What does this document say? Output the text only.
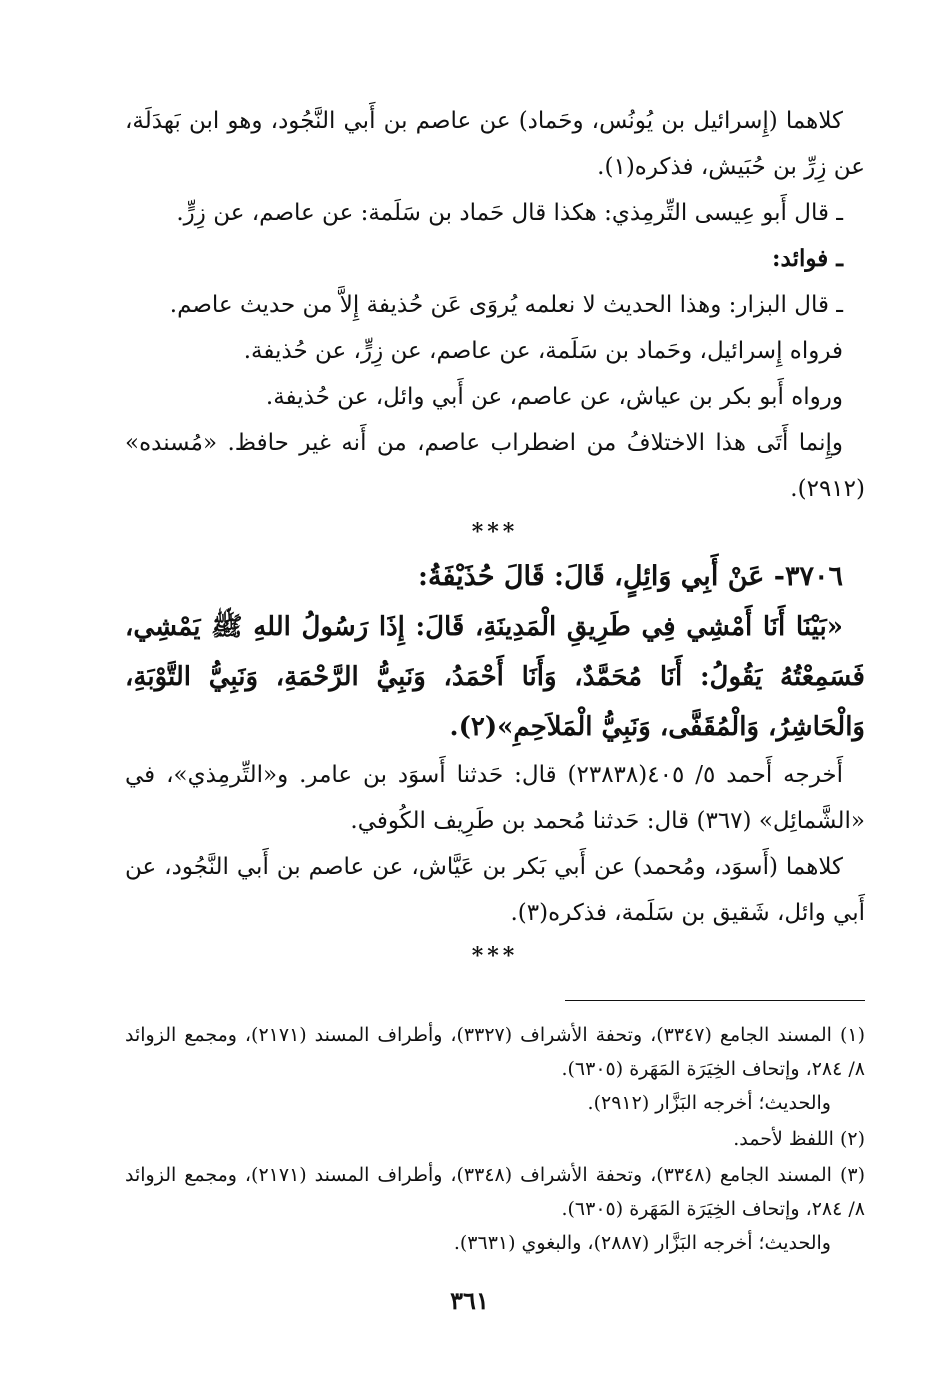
كلاهما (إِسرائيل بن يُونُس، وحَماد) عن عاصم بن أَبي النَّجُود، وهو ابن بَهدَلَة، عن زِرِّ بن حُبَيش، فذكره(١).

ـ قال أَبو عِيسى التِّرمِذي: هكذا قال حَماد بن سَلَمة: عن عاصم، عن زِرٍّ.

ـ فوائد:

ـ قال البزار: وهذا الحديث لا نعلمه يُروَى عَن حُذيفة إِلاَّ من حديث عاصم.

فرواه إِسرائيل، وحَماد بن سَلَمة، عن عاصم، عن زِرٍّ، عن حُذيفة.

ورواه أَبو بكر بن عياش، عن عاصم، عن أَبي وائل، عن حُذيفة.

وإِنما أَتَى هذا الاختلافُ من اضطراب عاصم، من أَنه غير حافظ. «مُسنده» (٢٩١٢).

***

٣٧٠٦- عَنْ أَبِي وَائِلٍ، قَالَ: قَالَ حُذَيْفَةُ:

«بَيْنَا أَنَا أَمْشِي فِي طَرِيقِ الْمَدِينَةِ، قَالَ: إِذَا رَسُولُ اللهِ ﷺ يَمْشِي، فَسَمِعْتُهُ يَقُولُ: أَنَا مُحَمَّدٌ، وَأَنَا أَحْمَدُ، وَنَبِيُّ الرَّحْمَةِ، وَنَبِيُّ التَّوْبَةِ، وَالْحَاشِرُ، وَالْمُقَفَّى، وَنَبِيُّ الْمَلاَحِمِ»(٢).

أَخرجه أَحمد ٥/ ٤٠٥(٢٣٨٣٨) قال: حَدثنا أَسوَد بن عامر. و«التِّرمِذي»، في «الشَّمائِل» (٣٦٧) قال: حَدثنا مُحمد بن طَرِيف الكُوفي.

كلاهما (أَسوَد، ومُحمد) عن أَبي بَكر بن عَيَّاش، عن عاصم بن أَبي النَّجُود، عن أَبي وائل، شَقيق بن سَلَمة، فذكره(٣).

***
(١) المسند الجامع (٣٣٤٧)، وتحفة الأشراف (٣٣٢٧)، وأطراف المسند (٢١٧١)، ومجمع الزوائد ٨/ ٢٨٤، وإتحاف الخِيَرَة المَهَرة (٦٣٠٥).
والحديث؛ أخرجه البَزَّار (٢٩١٢).
(٢) اللفظ لأحمد.
(٣) المسند الجامع (٣٣٤٨)، وتحفة الأشراف (٣٣٤٨)، وأطراف المسند (٢١٧١)، ومجمع الزوائد ٨/ ٢٨٤، وإتحاف الخِيَرَة المَهَرة (٦٣٠٥).
والحديث؛ أخرجه البَزَّار (٢٨٨٧)، والبغوي (٣٦٣١).
٣٦١
